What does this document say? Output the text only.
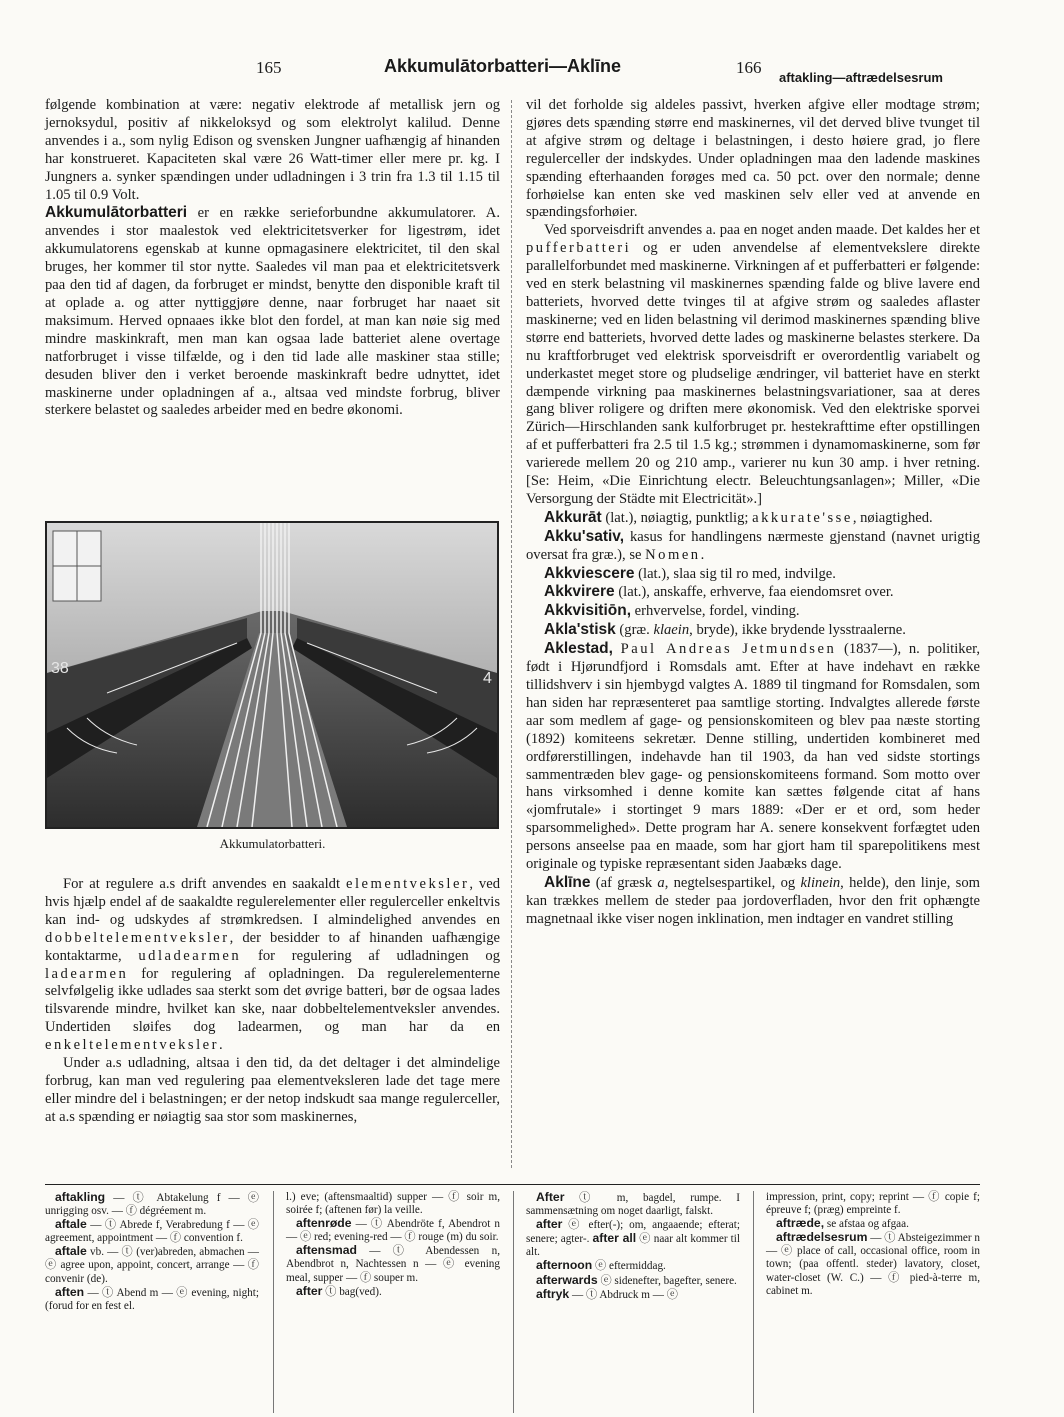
165	Akkumulātorbatteri—Aklīne	166
aftakling—aftrædelsesrum

følgende kombination at være: negativ elektrode af metallisk jern og jernoksydul, positiv af nikkeloksyd og som elektrolyt kalilud. Denne anvendes i a., som nylig Edison og svensken Jungner uafhængig af hinanden har konstrueret. Kapaciteten skal være 26 Watt-timer eller mere pr. kg. I Jungners a. synker spændingen under udladningen i 3 trin fra 1.3 til 1.15 til 1.05 til 0.9 Volt.

Akkumulātorbatteri er en række serieforbundne akkumulatorer. A. anvendes i stor maalestok ved elektricitetsverker for ligestrøm, idet akkumulatorens egenskab at kunne opmagasinere elektricitet, til den skal bruges, her kommer til stor nytte. Saaledes vil man paa et elektricitetsverk paa den tid af dagen, da forbruget er mindst, benytte den disponible kraft til at oplade a. og atter nyttiggjøre denne, naar forbruget har naaet sit maksimum. Herved opnaaes ikke blot den fordel, at man kan nøie sig med mindre maskinkraft, men man kan ogsaa lade batteriet alene overtage natforbruget i visse tilfælde, og i den tid lade alle maskiner staa stille; desuden bliver den i verket beroende maskinkraft bedre udnyttet, idet maskinerne under opladningen af a., altsaa ved mindste forbrug, bliver sterkere belastet og saaledes arbeider med en bedre økonomi.

38
4
Akkumulatorbatteri.

For at regulere a.s drift anvendes en saakaldt elementveksler, ved hvis hjælp endel af de saakaldte regulerelementer eller regulerceller enkeltvis kan ind- og udskydes af strømkredsen. I almindelighed anvendes en dobbeltelementveksler, der besidder to af hinanden uafhængige kontaktarme, udladearmen for regulering af udladningen og ladearmen for regulering af opladningen. Da regulerelementerne selvfølgelig ikke udlades saa sterkt som det øvrige batteri, bør de ogsaa lades tilsvarende mindre, hvilket kan ske, naar dobbeltelementveksler anvendes. Undertiden sløifes dog ladearmen, og man har da en enkeltelementveksler.

Under a.s udladning, altsaa i den tid, da det deltager i det almindelige forbrug, kan man ved regulering paa elementveksleren lade det tage mere eller mindre del i belastningen; er der netop indskudt saa mange regulerceller, at a.s spænding er nøiagtig saa stor som maskinernes,

vil det forholde sig aldeles passivt, hverken afgive eller modtage strøm; gjøres dets spænding større end maskinernes, vil det derved blive tvunget til at afgive strøm og deltage i belastningen, i desto høiere grad, jo flere regulerceller der indskydes. Under opladningen maa den ladende maskines spænding efterhaanden forøges med ca. 50 pct. over den normale; denne forhøielse kan enten ske ved maskinen selv eller ved at anvende en spændingsforhøier.

Ved sporveisdrift anvendes a. paa en noget anden maade. Det kaldes her et pufferbatteri og er uden anvendelse af elementvekslere direkte parallelforbundet med maskinerne. Virkningen af et pufferbatteri er følgende: ved en sterk belastning vil maskinernes spænding falde og blive lavere end batteriets, hvorved dette tvinges til at afgive strøm og saaledes aflaster maskinerne; ved en liden belastning vil derimod maskinernes spænding blive større end batteriets, hvorved dette lades og maskinerne belastes sterkere. Da nu kraftforbruget ved elektrisk sporveisdrift er overordentlig variabelt og underkastet meget store og pludselige ændringer, vil batteriet have en sterkt dæmpende virkning paa maskinernes belastningsvariationer, saa at deres gang bliver roligere og driften mere økonomisk. Ved den elektriske sporvei Zürich—Hirschlanden sank kulforbruget pr. hestekrafttime efter opstillingen af et pufferbatteri fra 2.5 til 1.5 kg.; strømmen i dynamomaskinerne, som før varierede mellem 20 og 210 amp., varierer nu kun 30 amp. i hver retning. [Se: Heim, «Die Einrichtung electr. Beleuchtungsanlagen»; Miller, «Die Versorgung der Städte mit Electricität».]

Akkurāt (lat.), nøiagtig, punktlig; akkurate'sse, nøiagtighed.

Akku'sativ, kasus for handlingens nærmeste gjenstand (navnet urigtig oversat fra græ.), se Nomen.

Akkviescere (lat.), slaa sig til ro med, indvilge.

Akkvirere (lat.), anskaffe, erhverve, faa eiendomsret over.

Akkvisitiōn, erhvervelse, fordel, vinding.

Akla'stisk (græ. klaein, bryde), ikke brydende lysstraalerne.

Aklestad, Paul Andreas Jetmundsen (1837—), n. politiker, født i Hjørundfjord i Romsdals amt. Efter at have indehavt en række tillidshverv i sin hjembygd valgtes A. 1889 til tingmand for Romsdalen, som han siden har repræsenteret paa samtlige storting. Indvalgtes allerede første aar som medlem af gage- og pensionskomiteen og blev paa næste storting (1892) komiteens sekretær. Denne stilling, undertiden kombineret med ordførerstillingen, indehavde han til 1903, da han ved sidste stortings sammentræden blev gage- og pensionskomiteens formand. Som motto over hans virksomhed i denne komite kan sættes følgende citat af hans «jomfrutale» i stortinget 9 mars 1889: «Der er et ord, som heder sparsommelighed». Dette program har A. senere konsekvent forfægtet uden persons anseelse paa en maade, som har gjort ham til sparepolitikens mest originale og typiske repræsentant siden Jaabæks dage.

Aklīne (af græsk a, negtelsespartikel, og klinein, helde), den linje, som kan trækkes mellem de steder paa jordoverfladen, hvor den frit ophængte magnetnaal ikke viser nogen inklination, men indtager en vandret stilling

aftakling — ⓣ Abtakelung f — ⓔ unrigging osv. — ⓕ dégréement m.

aftale — ⓣ Abrede f, Verabredung f — ⓔ agreement, appointment — ⓕ convention f.

aftale vb. — ⓣ (ver)abreden, abmachen — ⓔ agree upon, appoint, concert, arrange — ⓕ convenir (de).

aften — ⓣ Abend m — ⓔ evening, night; (forud for en fest el.

l.) eve; (aftensmaaltid) supper — ⓕ soir m, soirée f; (aftenen før) la veille.

aftenrøde — ⓣ Abendröte f, Abendrot n — ⓔ red; evening-red — ⓕ rouge (m) du soir.

aftensmad — ⓣ Abendessen n, Abendbrot n, Nachtessen n — ⓔ evening meal, supper — ⓕ souper m.

after ⓣ bag(ved).

After ⓣ m, bagdel, rumpe. I sammensætning om noget daarligt, falskt.

after ⓔ efter(-); om, angaaende; efterat; senere; agter-. after all ⓔ naar alt kommer til alt.

afternoon ⓔ eftermiddag.

afterwards ⓔ sidenefter, bagefter, senere.

aftryk — ⓣ Abdruck m — ⓔ

impression, print, copy; reprint — ⓕ copie f; épreuve f; (præg) empreinte f.

aftræde, se afstaa og afgaa.

aftrædelsesrum — ⓣ Absteigezimmer n — ⓔ place of call, occasional office, room in town; (paa offentl. steder) lavatory, closet, water-closet (W. C.) — ⓕ pied-à-terre m, cabinet m.
